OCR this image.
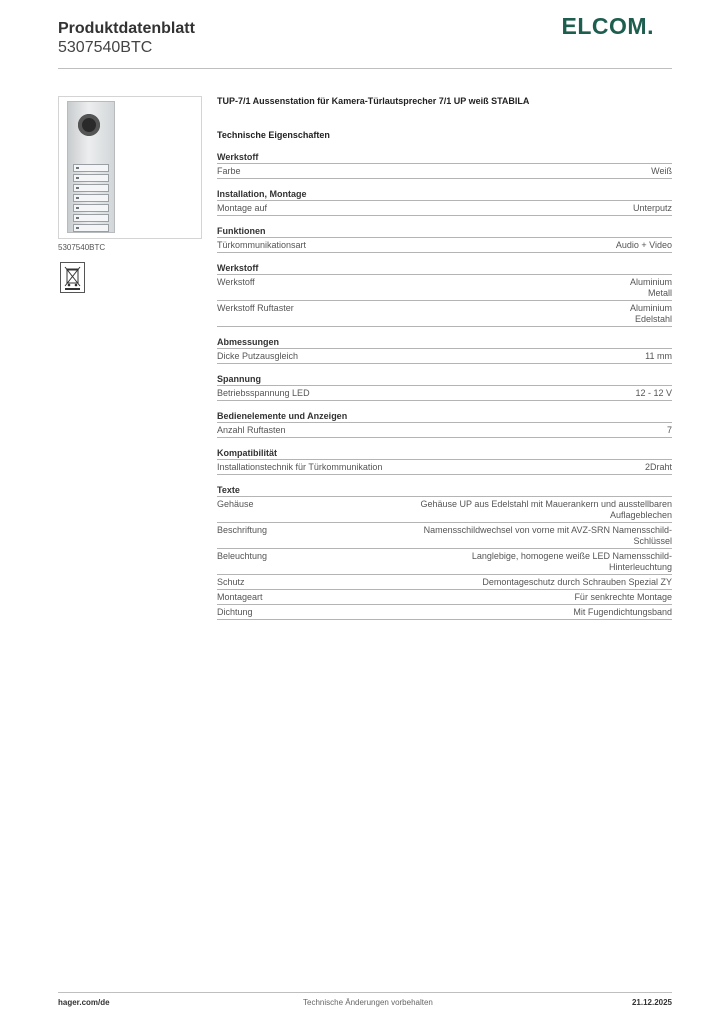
Produktdatenblatt
5307540BTC
ELCOM.
5307540BTC
TUP-7/1 Aussenstation für Kamera-Türlautsprecher 7/1 UP weiß STABILA
Technische Eigenschaften
Werkstoff
Farbe	Weiß
Installation, Montage
Montage auf	Unterputz
Funktionen
Türkommunikationsart	Audio + Video
Werkstoff
Werkstoff	Aluminium
Metall
Werkstoff Ruftaster	Aluminium
Edelstahl
Abmessungen
Dicke Putzausgleich	11 mm
Spannung
Betriebsspannung LED	12 - 12 V
Bedienelemente und Anzeigen
Anzahl Ruftasten	7
Kompatibilität
Installationstechnik für Türkommunikation	2Draht
Texte
Gehäuse	Gehäuse UP aus Edelstahl mit Mauerankern und ausstellbaren
Auflageblechen
Beschriftung	Namensschildwechsel von vorne mit AVZ-SRN Namensschild-
Schlüssel
Beleuchtung	Langlebige, homogene weiße LED Namensschild-
Hinterleuchtung
Schutz	Demontageschutz durch Schrauben Spezial ZY
Montageart	Für senkrechte Montage
Dichtung	Mit Fugendichtungsband
hager.com/de	Technische Änderungen vorbehalten	21.12.2025
